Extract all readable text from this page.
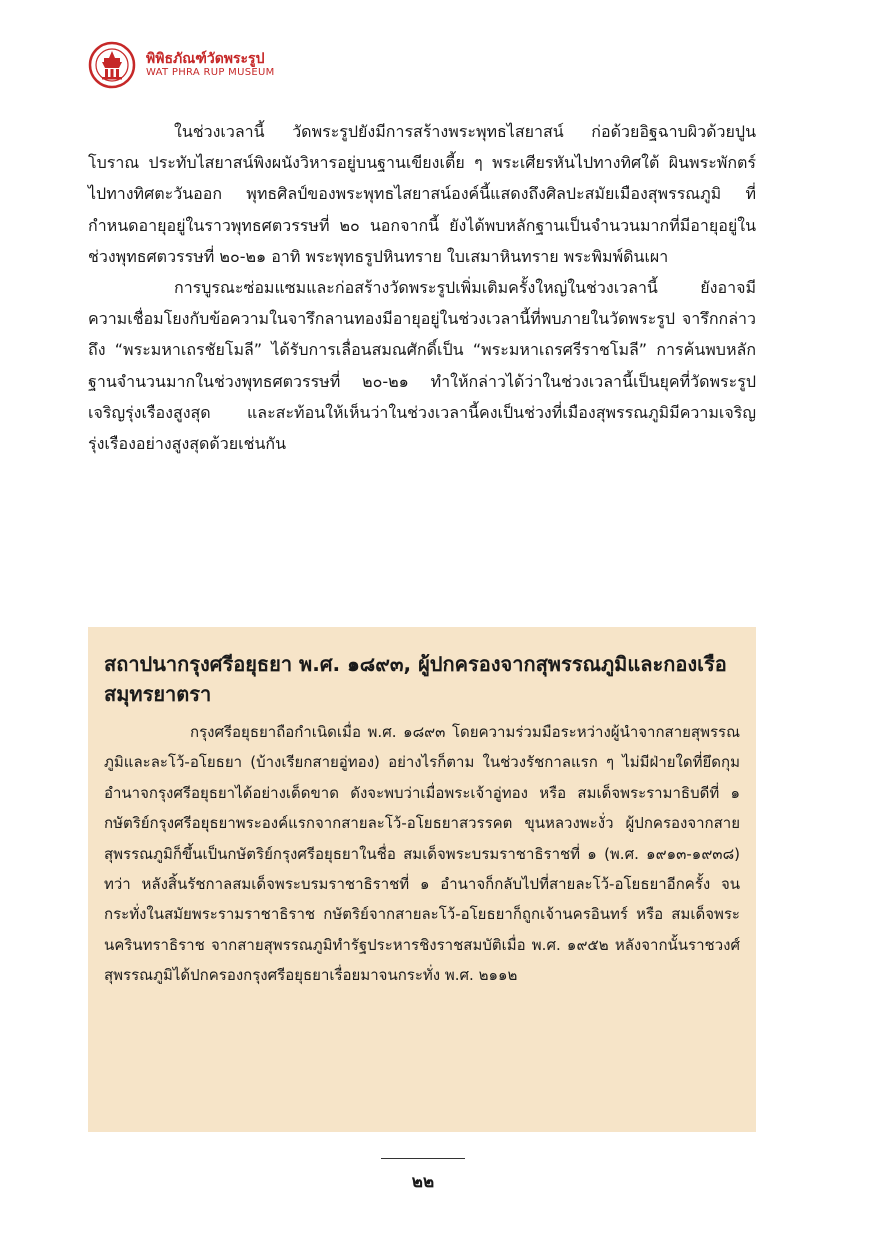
พิพิธภัณฑ์วัดพระรูป
WAT PHRA RUP MUSEUM

ในช่วงเวลานี้ วัดพระรูปยังมีการสร้างพระพุทธไสยาสน์ ก่อด้วยอิฐฉาบผิวด้วยปูนโบราณ ประทับไสยาสน์พิงผนังวิหารอยู่บนฐานเขียงเตี้ย ๆ พระเศียรหันไปทางทิศใต้ ผินพระพักตร์ไปทางทิศตะวันออก พุทธศิลป์ของพระพุทธไสยาสน์องค์นี้แสดงถึงศิลปะสมัยเมืองสุพรรณภูมิ ที่กำหนดอายุอยู่ในราวพุทธศตวรรษที่ ๒๐ นอกจากนี้ ยังได้พบหลักฐานเป็นจำนวนมากที่มีอายุอยู่ในช่วงพุทธศตวรรษที่ ๒๐-๒๑ อาทิ พระพุทธรูปหินทราย ใบเสมาหินทราย พระพิมพ์ดินเผา

การบูรณะซ่อมแซมและก่อสร้างวัดพระรูปเพิ่มเติมครั้งใหญ่ในช่วงเวลานี้ ยังอาจมีความเชื่อมโยงกับข้อความในจารึกลานทองมีอายุอยู่ในช่วงเวลานี้ที่พบภายในวัดพระรูป จารึกกล่าวถึง “พระมหาเถรชัยโมลี” ได้รับการเลื่อนสมณศักดิ์เป็น “พระมหาเถรศรีราชโมลี” การค้นพบหลักฐานจำนวนมากในช่วงพุทธศตวรรษที่ ๒๐-๒๑ ทำให้กล่าวได้ว่าในช่วงเวลานี้เป็นยุคที่วัดพระรูปเจริญรุ่งเรืองสูงสุด และสะท้อนให้เห็นว่าในช่วงเวลานี้คงเป็นช่วงที่เมืองสุพรรณภูมิมีความเจริญรุ่งเรืองอย่างสูงสุดด้วยเช่นกัน

สถาปนากรุงศรีอยุธยา พ.ศ. ๑๘๙๓, ผู้ปกครองจากสุพรรณภูมิและกองเรือสมุทรยาตรา

กรุงศรีอยุธยาถือกำเนิดเมื่อ พ.ศ. ๑๘๙๓ โดยความร่วมมือระหว่างผู้นำจากสายสุพรรณภูมิและละโว้-อโยธยา (บ้างเรียกสายอู่ทอง) อย่างไรก็ตาม ในช่วงรัชกาลแรก ๆ ไม่มีฝ่ายใดที่ยึดกุมอำนาจกรุงศรีอยุธยาได้อย่างเด็ดขาด ดังจะพบว่าเมื่อพระเจ้าอู่ทอง หรือ สมเด็จพระรามาธิบดีที่ ๑ กษัตริย์กรุงศรีอยุธยาพระองค์แรกจากสายละโว้-อโยธยาสวรรคต ขุนหลวงพะงั่ว ผู้ปกครองจากสายสุพรรณภูมิก็ขึ้นเป็นกษัตริย์กรุงศรีอยุธยาในชื่อ สมเด็จพระบรมราชาธิราชที่ ๑ (พ.ศ. ๑๙๑๓-๑๙๓๘) ทว่า หลังสิ้นรัชกาลสมเด็จพระบรมราชาธิราชที่ ๑ อำนาจก็กลับไปที่สายละโว้-อโยธยาอีกครั้ง จนกระทั่งในสมัยพระรามราชาธิราช กษัตริย์จากสายละโว้-อโยธยาก็ถูกเจ้านครอินทร์ หรือ สมเด็จพระนครินทราธิราช จากสายสุพรรณภูมิทำรัฐประหารชิงราชสมบัติเมื่อ พ.ศ. ๑๙๕๒ หลังจากนั้นราชวงศ์สุพรรณภูมิได้ปกครองกรุงศรีอยุธยาเรื่อยมาจนกระทั่ง พ.ศ. ๒๑๑๒

๒๒
